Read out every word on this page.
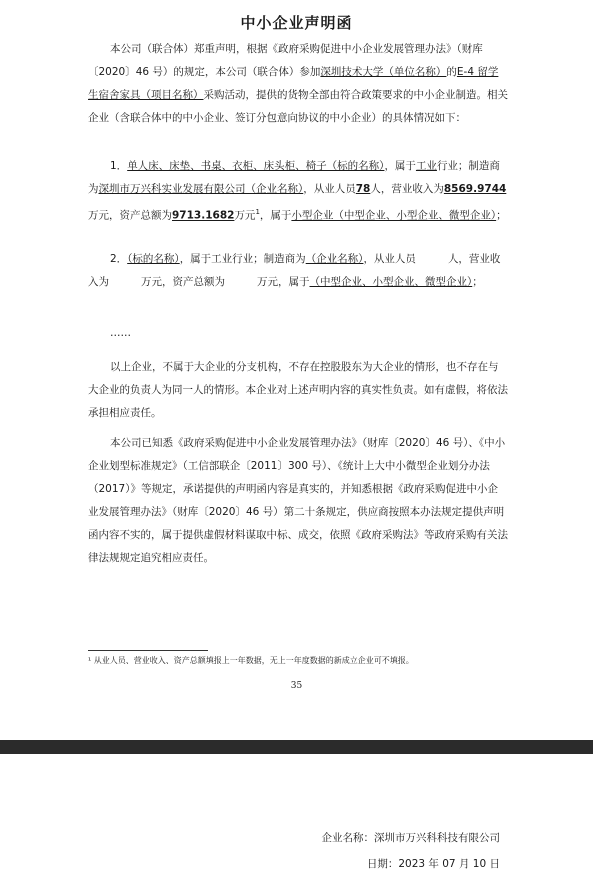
中小企业声明函
本公司（联合体）郑重声明，根据《政府采购促进中小企业发展管理办法》（财库〔2020〕46 号）的规定，本公司（联合体）参加深圳技术大学（单位名称）的E-4 留学生宿舍家具（项目名称）采购活动，提供的货物全部由符合政策要求的中小企业制造。相关企业（含联合体中的中小企业、签订分包意向协议的中小企业）的具体情况如下：
1．单人床、床垫、书桌、衣柜、床头柜、椅子（标的名称），属于工业行业；制造商为深圳市万兴科实业发展有限公司（企业名称），从业人员78人，营业收入为8569.9744万元，资产总额为9713.1682万元$^1$，属于小型企业（中型企业、小型企业、微型企业）；
2．（标的名称），属于工业行业；制造商为（企业名称），从业人员	人，营业收入为	万元，资产总额为	万元，属于（中型企业、小型企业、微型企业）；
……
以上企业，不属于大企业的分支机构，不存在控股股东为大企业的情形，也不存在与大企业的负责人为同一人的情形。本企业对上述声明内容的真实性负责。如有虚假，将依法承担相应责任。
本公司已知悉《政府采购促进中小企业发展管理办法》（财库〔2020〕46 号）、《中小企业划型标准规定》（工信部联企〔2011〕300 号）、《统计上大中小微型企业划分办法（2017）》等规定，承诺提供的声明函内容是真实的，并知悉根据《政府采购促进中小企业发展管理办法》（财库〔2020〕46 号）第二十条规定，供应商按照本办法规定提供声明函内容不实的，属于提供虚假材料谋取中标、成交，依照《政府采购法》等政府采购有关法律法规规定追究相应责任。
¹ 从业人员、营业收入、资产总额填报上一年数据，无上一年度数据的新成立企业可不填报。
35
企业名称：深圳市万兴科科技有限公司
日期：2023 年 07 月 10 日
